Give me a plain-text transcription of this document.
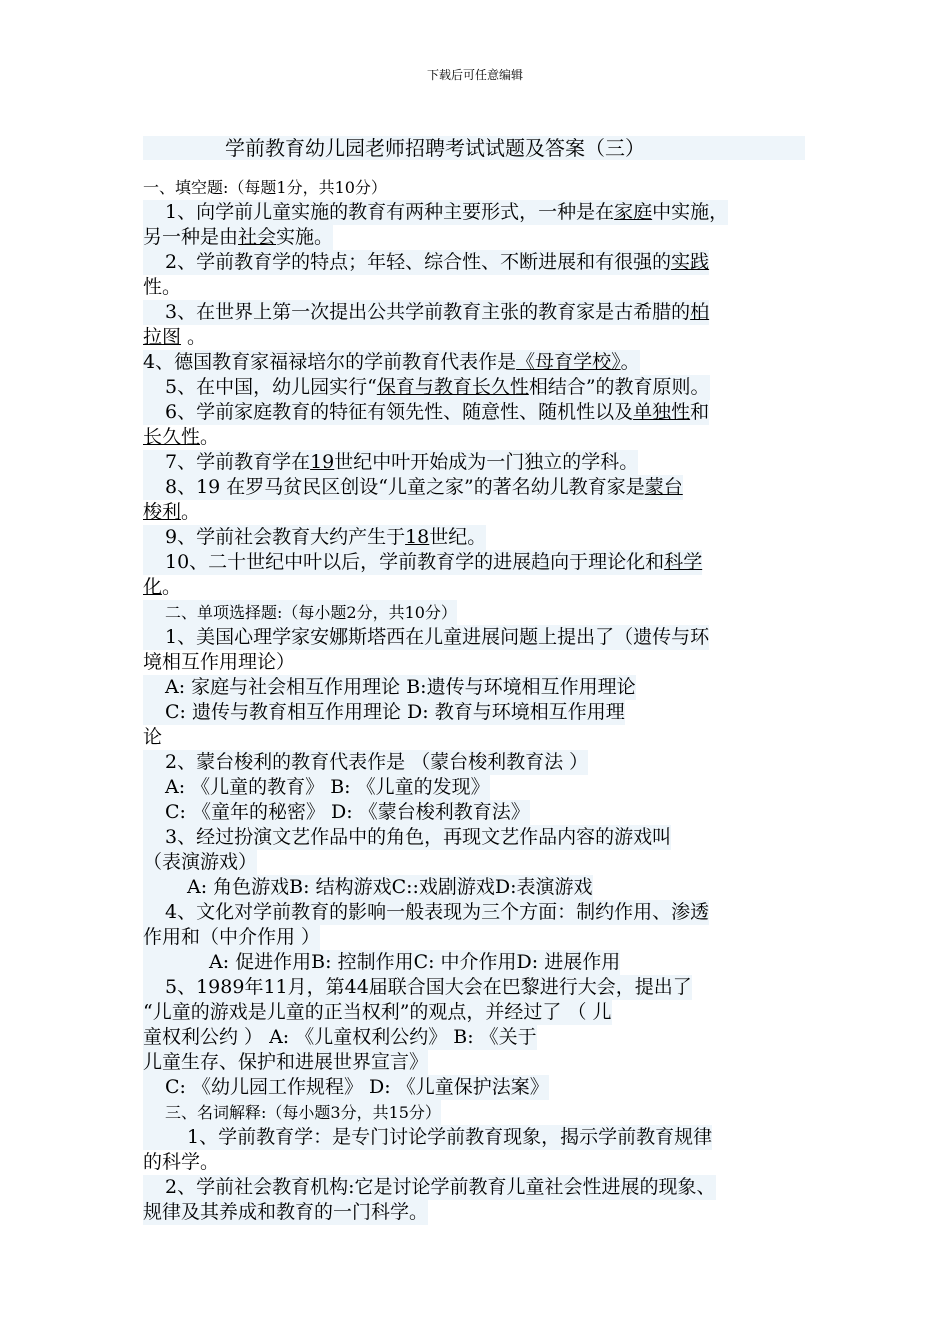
下载后可任意编辑
学前教育幼儿园老师招聘考试试题及答案（三）
一、填空题:（每题1分，共10分）
1、向学前儿童实施的教育有两种主要形式，一种是在家庭中实施，
另一种是由社会实施。
2、学前教育学的特点；年轻、综合性、不断进展和有很强的实践
性。
3、在世界上第一次提出公共学前教育主张的教育家是古希腊的柏
拉图 。
4、德国教育家福禄培尔的学前教育代表作是《母育学校》。
5、在中国，幼儿园实行“保育与教育长久性相结合”的教育原则。
6、学前家庭教育的特征有领先性、随意性、随机性以及单独性和
长久性。
7、学前教育学在19世纪中叶开始成为一门独立的学科。
8、19 在罗马贫民区创设“儿童之家”的著名幼儿教育家是蒙台
梭利。
9、学前社会教育大约产生于18世纪。
10、二十世纪中叶以后，学前教育学的进展趋向于理论化和科学
化。
二、单项选择题:（每小题2分，共10分）
1、美国心理学家安娜斯塔西在儿童进展问题上提出了（遗传与环
境相互作用理论）
A: 家庭与社会相互作用理论 B:遗传与环境相互作用理论
C: 遗传与教育相互作用理论 D: 教育与环境相互作用理
论
2、蒙台梭利的教育代表作是 （蒙台梭利教育法 ）
A: 《儿童的教育》 B: 《儿童的发现》
C: 《童年的秘密》 D: 《蒙台梭利教育法》
3、经过扮演文艺作品中的角色，再现文艺作品内容的游戏叫
（表演游戏）
A: 角色游戏B: 结构游戏C::戏剧游戏D:表演游戏
4、文化对学前教育的影响一般表现为三个方面：制约作用、渗透
作用和（中介作用 ）
A: 促进作用B: 控制作用C: 中介作用D: 进展作用
5、1989年11月，第44届联合国大会在巴黎进行大会，提出了
“儿童的游戏是儿童的正当权利”的观点，并经过了 （ 儿
童权利公约 ） A: 《儿童权利公约》 B: 《关于
儿童生存、保护和进展世界宣言》
C: 《幼儿园工作规程》 D: 《儿童保护法案》
三、名词解释:（每小题3分，共15分）
1、学前教育学：是专门讨论学前教育现象，揭示学前教育规律
的科学。
2、学前社会教育机构:它是讨论学前教育儿童社会性进展的现象、
规律及其养成和教育的一门科学。
